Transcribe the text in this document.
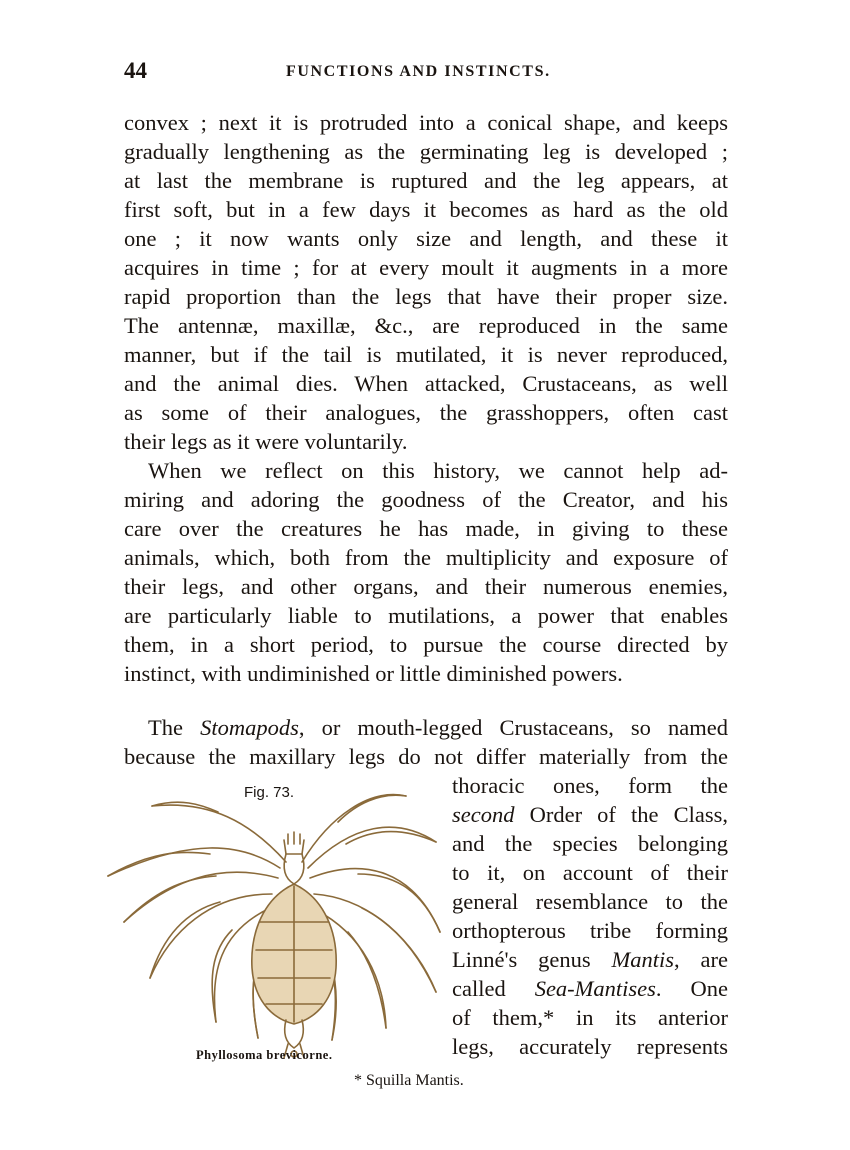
44	FUNCTIONS AND INSTINCTS.

convex ; next it is protruded into a conical shape, and keeps

gradually lengthening as the germinating leg is developed ;

at last the membrane is ruptured and the leg appears, at

first soft, but in a few days it becomes as hard as the old

one ; it now wants only size and length, and these it

acquires in time ; for at every moult it augments in a more

rapid proportion than the legs that have their proper size.

The antennæ, maxillæ, &c., are reproduced in the same

manner, but if the tail is mutilated, it is never reproduced,

and the animal dies. When attacked, Crustaceans, as well

as some of their analogues, the grasshoppers, often cast

their legs as it were voluntarily.

When we reflect on this history, we cannot help ad-

miring and adoring the goodness of the Creator, and his

care over the creatures he has made, in giving to these

animals, which, both from the multiplicity and exposure of

their legs, and other organs, and their numerous enemies,

are particularly liable to mutilations, a power that enables

them, in a short period, to pursue the course directed by

instinct, with undiminished or little diminished powers.

The Stomapods, or mouth-legged Crustaceans, so named

because the maxillary legs do not differ materially from the

thoracic ones, form the

second Order of the Class,

and the species belonging

to it, on account of their

general resemblance to the

orthopterous tribe forming

Linné's genus Mantis, are

called Sea-Mantises. One

of them,* in its anterior

legs, accurately represents

Fig. 73.
Phyllosoma brevicorne.
* Squilla Mantis.
